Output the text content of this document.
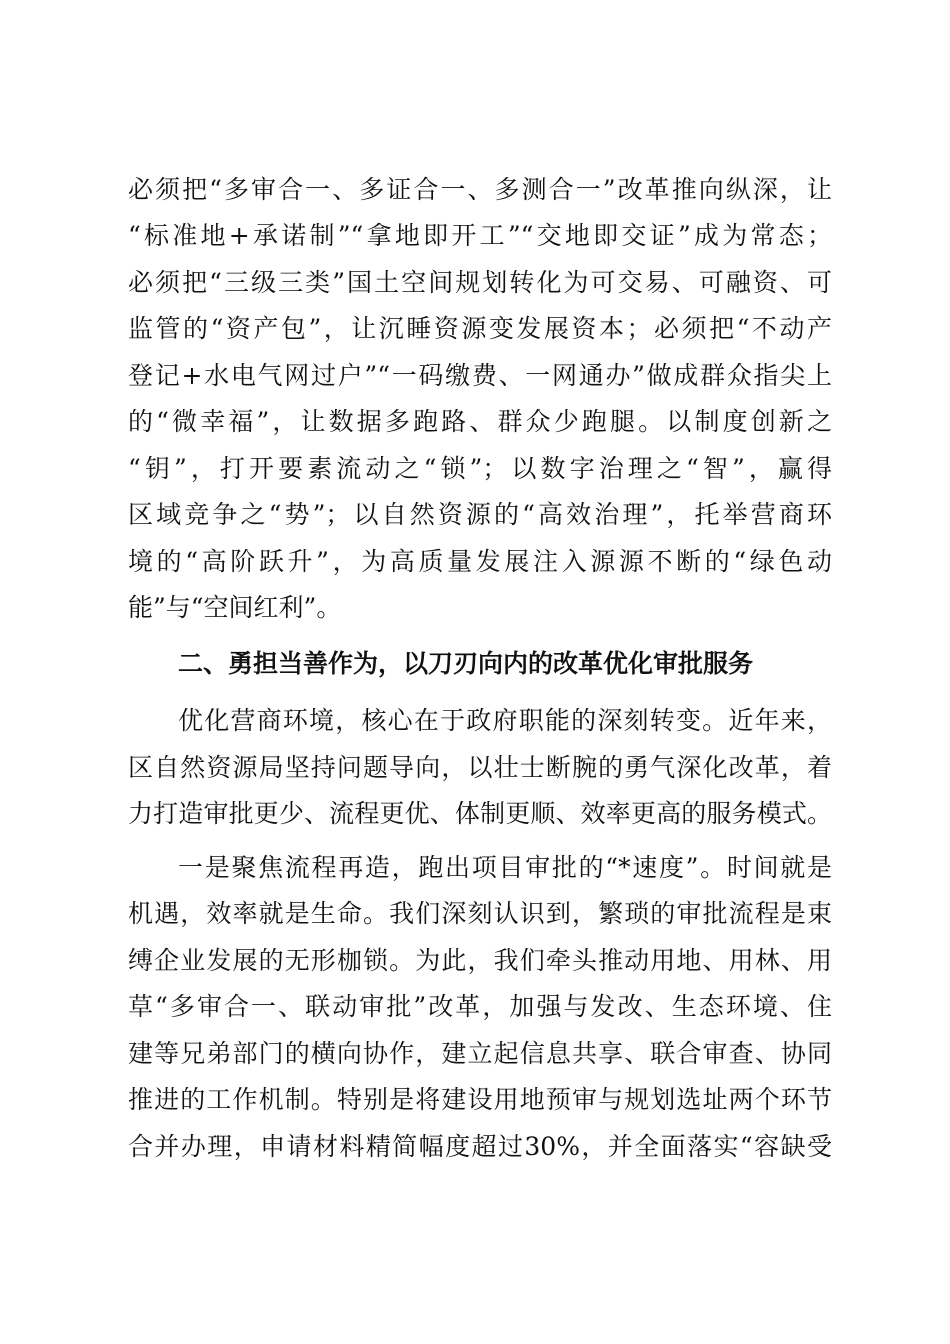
必须把“多审合一、多证合一、多测合一”改革推向纵深，让
“标准地+承诺制”“拿地即开工”“交地即交证”成为常态；
必须把“三级三类”国土空间规划转化为可交易、可融资、可
监管的“资产包”，让沉睡资源变发展资本；必须把“不动产
登记+水电气网过户”“一码缴费、一网通办”做成群众指尖上
的“微幸福”，让数据多跑路、群众少跑腿。以制度创新之
“钥”，打开要素流动之“锁”；以数字治理之“智”，赢得
区域竞争之“势”；以自然资源的“高效治理”，托举营商环
境的“高阶跃升”，为高质量发展注入源源不断的“绿色动
能”与“空间红利”。
二、勇担当善作为，以刀刃向内的改革优化审批服务
优化营商环境，核心在于政府职能的深刻转变。近年来，
区自然资源局坚持问题导向，以壮士断腕的勇气深化改革，着
力打造审批更少、流程更优、体制更顺、效率更高的服务模式。
一是聚焦流程再造，跑出项目审批的“*速度”。时间就是
机遇，效率就是生命。我们深刻认识到，繁琐的审批流程是束
缚企业发展的无形枷锁。为此，我们牵头推动用地、用林、用
草“多审合一、联动审批”改革，加强与发改、生态环境、住
建等兄弟部门的横向协作，建立起信息共享、联合审查、协同
推进的工作机制。特别是将建设用地预审与规划选址两个环节
合并办理，申请材料精简幅度超过30%，并全面落实“容缺受
